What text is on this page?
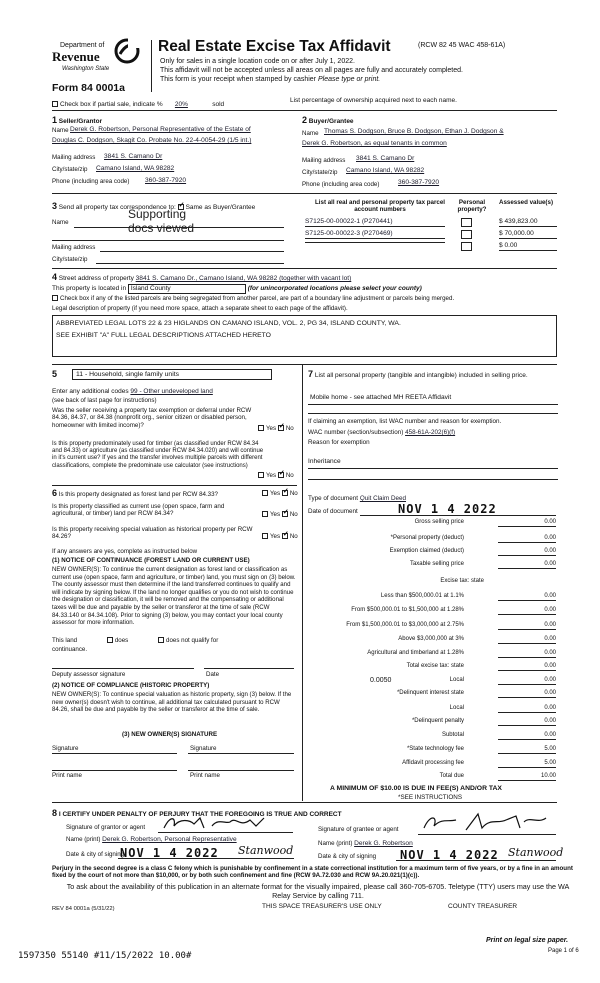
Department of
Revenue
Washington State
Form 84 0001a
Real Estate Excise Tax Affidavit	(RCW 82 45 WAC 458-61A)
Only for sales in a single location code on or after July 1, 2022.
This affidavit will not be accepted unless all areas on all pages are fully and accurately completed.
This form is your receipt when stamped by cashier Please type or print.
Check box if partial sale, indicate % 20%	sold
List percentage of ownership acquired next to each name.
1 Seller/Grantor
Name Derek G. Robertson, Personal Representative of the Estate of
Douglas C. Dodgson, Skagit Co. Probate No. 22-4-0054-29 (1/5 int.)
Mailing address 3841 S. Camano Dr
City/state/zip Camano Island, WA 98282
Phone (including area code) 360-387-7920
2 Buyer/Grantee
Name Thomas S. Dodgson, Bruce B. Dodgson, Ethan J. Dodgson &
Derek G. Robertson, as equal tenants in common
Mailing address 3841 S. Camano Dr
City/state/zip Camano Island, WA 98282
Phone (including area code)	360-387-7920
3 Send all property tax correspondence to: ✓ Same as Buyer/Grantee
Name
Supporting
docs viewed
Mailing address
City/state/zip
List all real and personal property tax parcel account numbers
Personal property?
Assessed value(s)
S7125-00-00022-1 (P270441)	$ 439,823.00
S7125-00-00022-3 (P270469)	$ 70,000.00
$ 0.00
4 Street address of property 3841 S. Camano Dr., Camano Island, WA 98282 (together with vacant lot)
This property is located in Island County	(for unincorporated locations please select your county)
Check box if any of the listed parcels are being segregated from another parcel, are part of a boundary line adjustment or parcels being merged.
Legal description of property (if you need more space, attach a separate sheet to each page of the affidavit).
ABBREVIATED LEGAL LOTS 22 & 23 HIGLANDS ON CAMANO ISLAND, VOL. 2, PG 34, ISLAND COUNTY, WA.
SEE EXHIBIT "A" FULL LEGAL DESCRIPTIONS ATTACHED HERETO
5	11 - Household, single family units
Enter any additional codes 99 - Other undeveloped land
(see back of last page for instructions)
Was the seller receiving a property tax exemption or deferral under RCW 84.36, 84.37, or 84.38 (nonprofit org., senior citizen or disabled person, homeowner with limited income)?	Yes ✓ No
Is this property predominately used for timber (as classified under RCW 84.34 and 84.33) or agriculture (as classified under RCW 84.34.020) and will continue in it's current use? If yes and the transfer involves multiple parcels with different classifications, complete the predominate use calculator (see instructions)
Yes ✓ No
6 Is this property designated as forest land per RCW 84.33?	Yes ✓ No
Is this property classified as current use (open space, farm and agricultural, or timber) land per RCW 84.34?	Yes ✓ No
Is this property receiving special valuation as historical property per RCW 84.26?	Yes ✓ No
If any answers are yes, complete as instructed below
(1) NOTICE OF CONTINUANCE (FOREST LAND OR CURRENT USE)
NEW OWNER(S): To continue the current designation as forest land or classification as current use (open space, farm and agriculture, or timber) land, you must sign on (3) below. The county assessor must then determine if the land transferred continues to qualify and will indicate by signing below. If the land no longer qualifies or you do not wish to continue the designation or classification, it will be removed and the compensating or additional taxes will be due and payable by the seller or transferor at the time of sale (RCW 84.33.140 or 84.34.108). Prior to signing (3) below, you may contact your local county assessor for more information.
This land	does	does not qualify for
continuance.
Deputy assessor signature	Date
(2) NOTICE OF COMPLIANCE (HISTORIC PROPERTY)
NEW OWNER(S): To continue special valuation as historic property, sign (3) below. If the new owner(s) doesn't wish to continue, all additional tax calculated pursuant to RCW 84.26, shall be due and payable by the seller or transferor at the time of sale.
(3) NEW OWNER(S) SIGNATURE
Signature	Signature
Print name	Print name
7 List all personal property (tangible and intangible) included in selling price.
Mobile home - see attached MH REETA Affidavit
If claiming an exemption, list WAC number and reason for exemption.
WAC number (section/subsection) 458-61A-202(6)(f)
Reason for exemption
Inheritance
Type of document Quit Claim Deed
Date of document	NOV 1 4 2022
Gross selling price	0.00
*Personal property (deduct)	0.00
Exemption claimed (deduct)	0.00
Taxable selling price	0.00
Excise tax: state
Less than $500,000.01 at 1.1%	0.00
From $500,000.01 to $1,500,000 at 1.28%	0.00
From $1,500,000.01 to $3,000,000 at 2.75%	0.00
Above $3,000,000 at 3%	0.00
Agricultural and timberland at 1.28%	0.00
Total excise tax: state	0.00
0.0050	Local	0.00
*Delinquent interest state	0.00
Local	0.00
*Delinquent penalty	0.00
Subtotal	0.00
*State technology fee	5.00
Affidavit processing fee	5.00
Total due	10.00
A MINIMUM OF $10.00 IS DUE IN FEE(S) AND/OR TAX
*SEE INSTRUCTIONS
8 I CERTIFY UNDER PENALTY OF PERJURY THAT THE FOREGOING IS TRUE AND CORRECT
Signature of grantor or agent
Name (print) Derek G. Robertson, Personal Representative
Date & city of signing
NOV 1 4 2022 Stanwood
Signature of grantee or agent
Name (print) Derek G. Robertson
Date & city of signing NOV 1 4 2022 Stanwood
Perjury in the second degree is a class C felony which is punishable by confinement in a state correctional institution for a maximum term of five years, or by a fine in an amount fixed by the court of not more than $10,000, or by both such confinement and fine (RCW 9A.72.030 and RCW 9A.20.021(1)(c)).
To ask about the availability of this publication in an alternate format for the visually impaired, please call 360-705-6705. Teletype (TTY) users may use the WA Relay Service by calling 711.
REV 84 0001a (5/31/22)	THIS SPACE TREASURER'S USE ONLY	COUNTY TREASURER
Print on legal size paper.
Page 1 of 6
1597350 55140 #11/15/2022 10.00#
